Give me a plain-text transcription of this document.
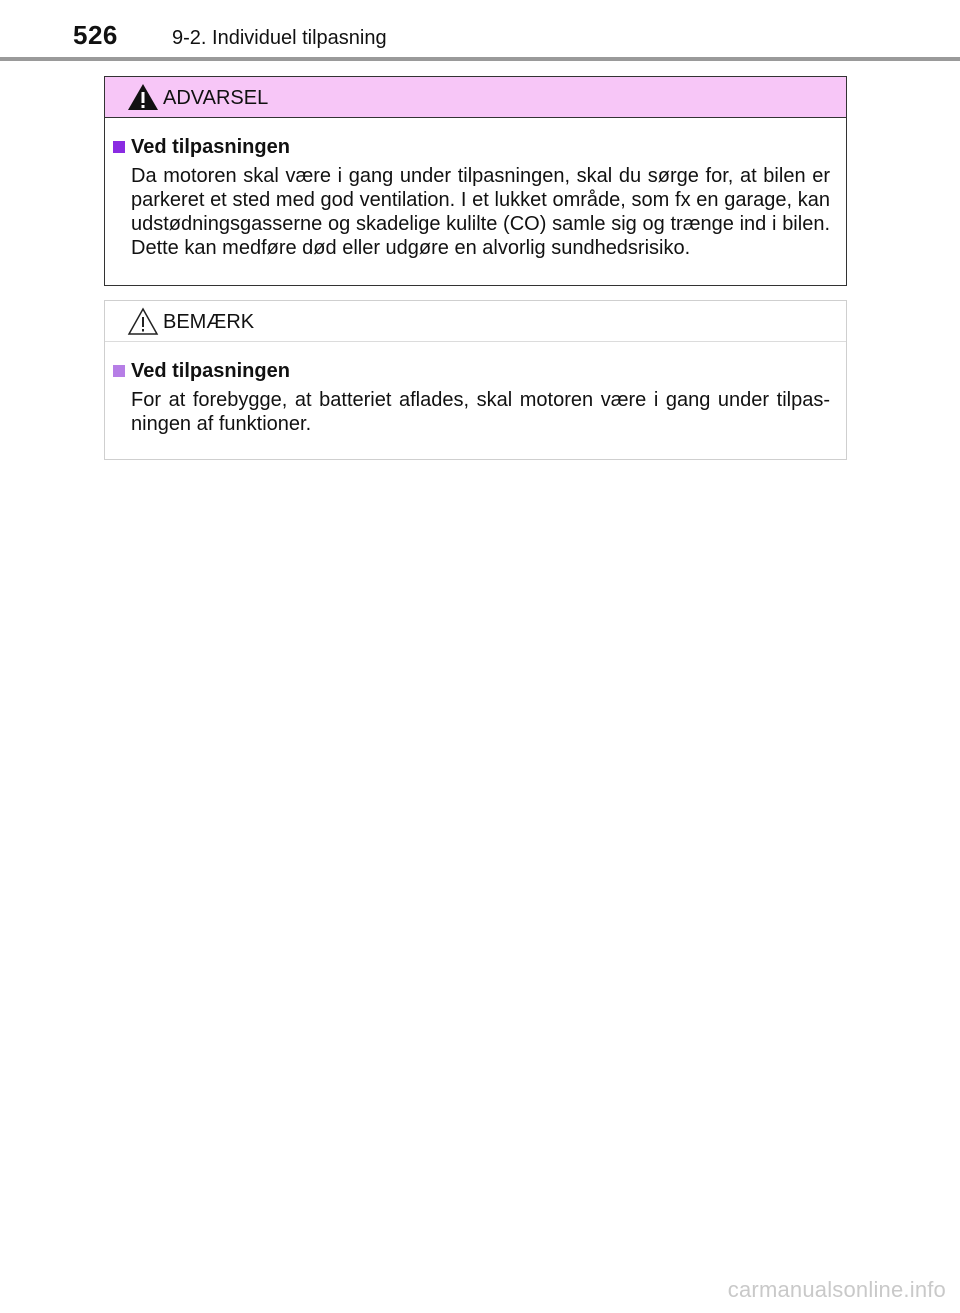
526	9-2. Individuel tilpasning
ADVARSEL
Ved tilpasningen

Da motoren skal være i gang under tilpasningen, skal du sørge for, at bilen er parkeret et sted med god ventilation. I et lukket område, som fx en garage, kan udstødningsgasserne og skadelige kulilte (CO) samle sig og trænge ind i bilen. Dette kan medføre død eller udgøre en alvorlig sundhedsrisiko.

BEMÆRK
Ved tilpasningen

For at forebygge, at batteriet aflades, skal motoren være i gang under tilpas-ningen af funktioner.

carmanualsonline.info
